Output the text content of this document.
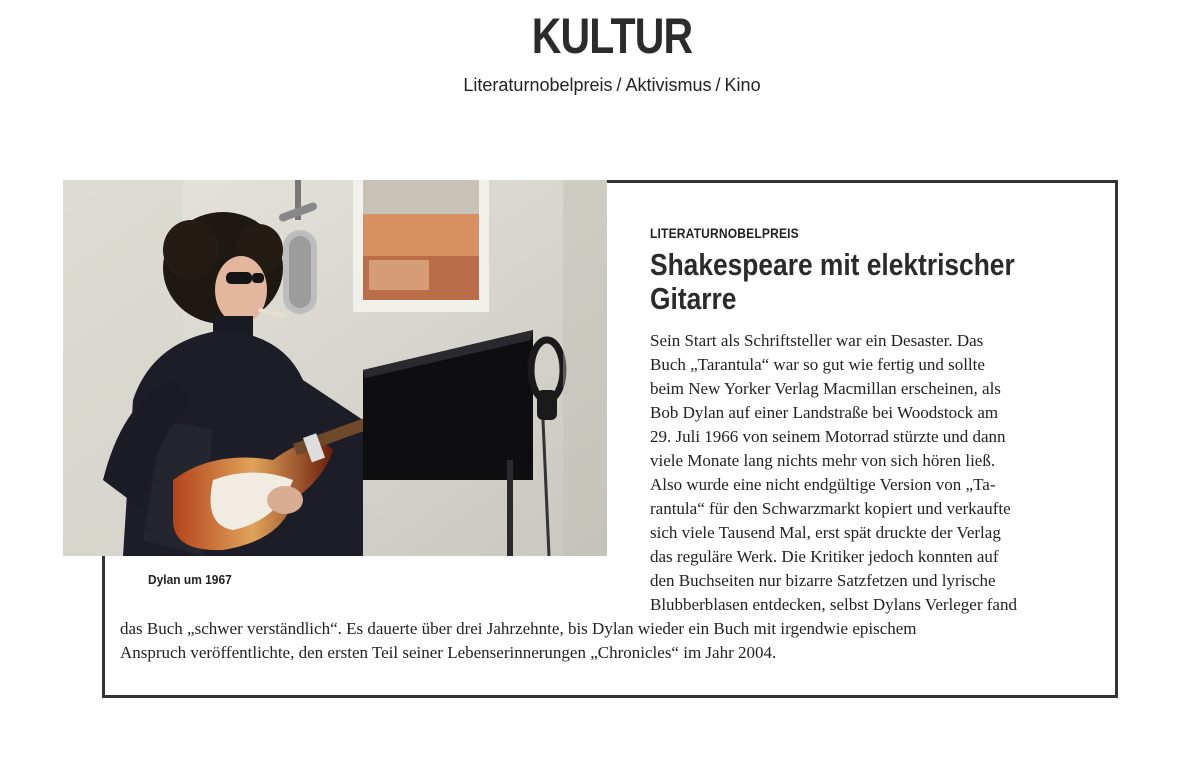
KULTUR
Literaturnobelpreis / Aktivismus / Kino
Dylan um 1967
LITERATURNOBELPREIS
Shakespeare mit elektrischer Gitarre
Sein Start als Schriftsteller war ein Desaster. Das
Buch „Tarantula“ war so gut wie fertig und sollte
beim New Yorker Verlag Macmillan erscheinen, als
Bob Dylan auf einer Landstraße bei Woodstock am
29. Juli 1966 von seinem Motorrad stürzte und dann
viele Monate lang nichts mehr von sich hören ließ.
Also wurde eine nicht endgültige Version von „Ta-
rantula“ für den Schwarzmarkt kopiert und verkaufte
sich viele Tausend Mal, erst spät druckte der Verlag
das reguläre Werk. Die Kritiker jedoch konnten auf
den Buchseiten nur bizarre Satzfetzen und lyrische
Blubberblasen entdecken, selbst Dylans Verleger fand
das Buch „schwer verständlich“. Es dauerte über drei Jahrzehnte, bis Dylan wieder ein Buch mit irgendwie epischem
Anspruch veröffentlichte, den ersten Teil seiner Lebenserinnerungen „Chronicles“ im Jahr 2004.
